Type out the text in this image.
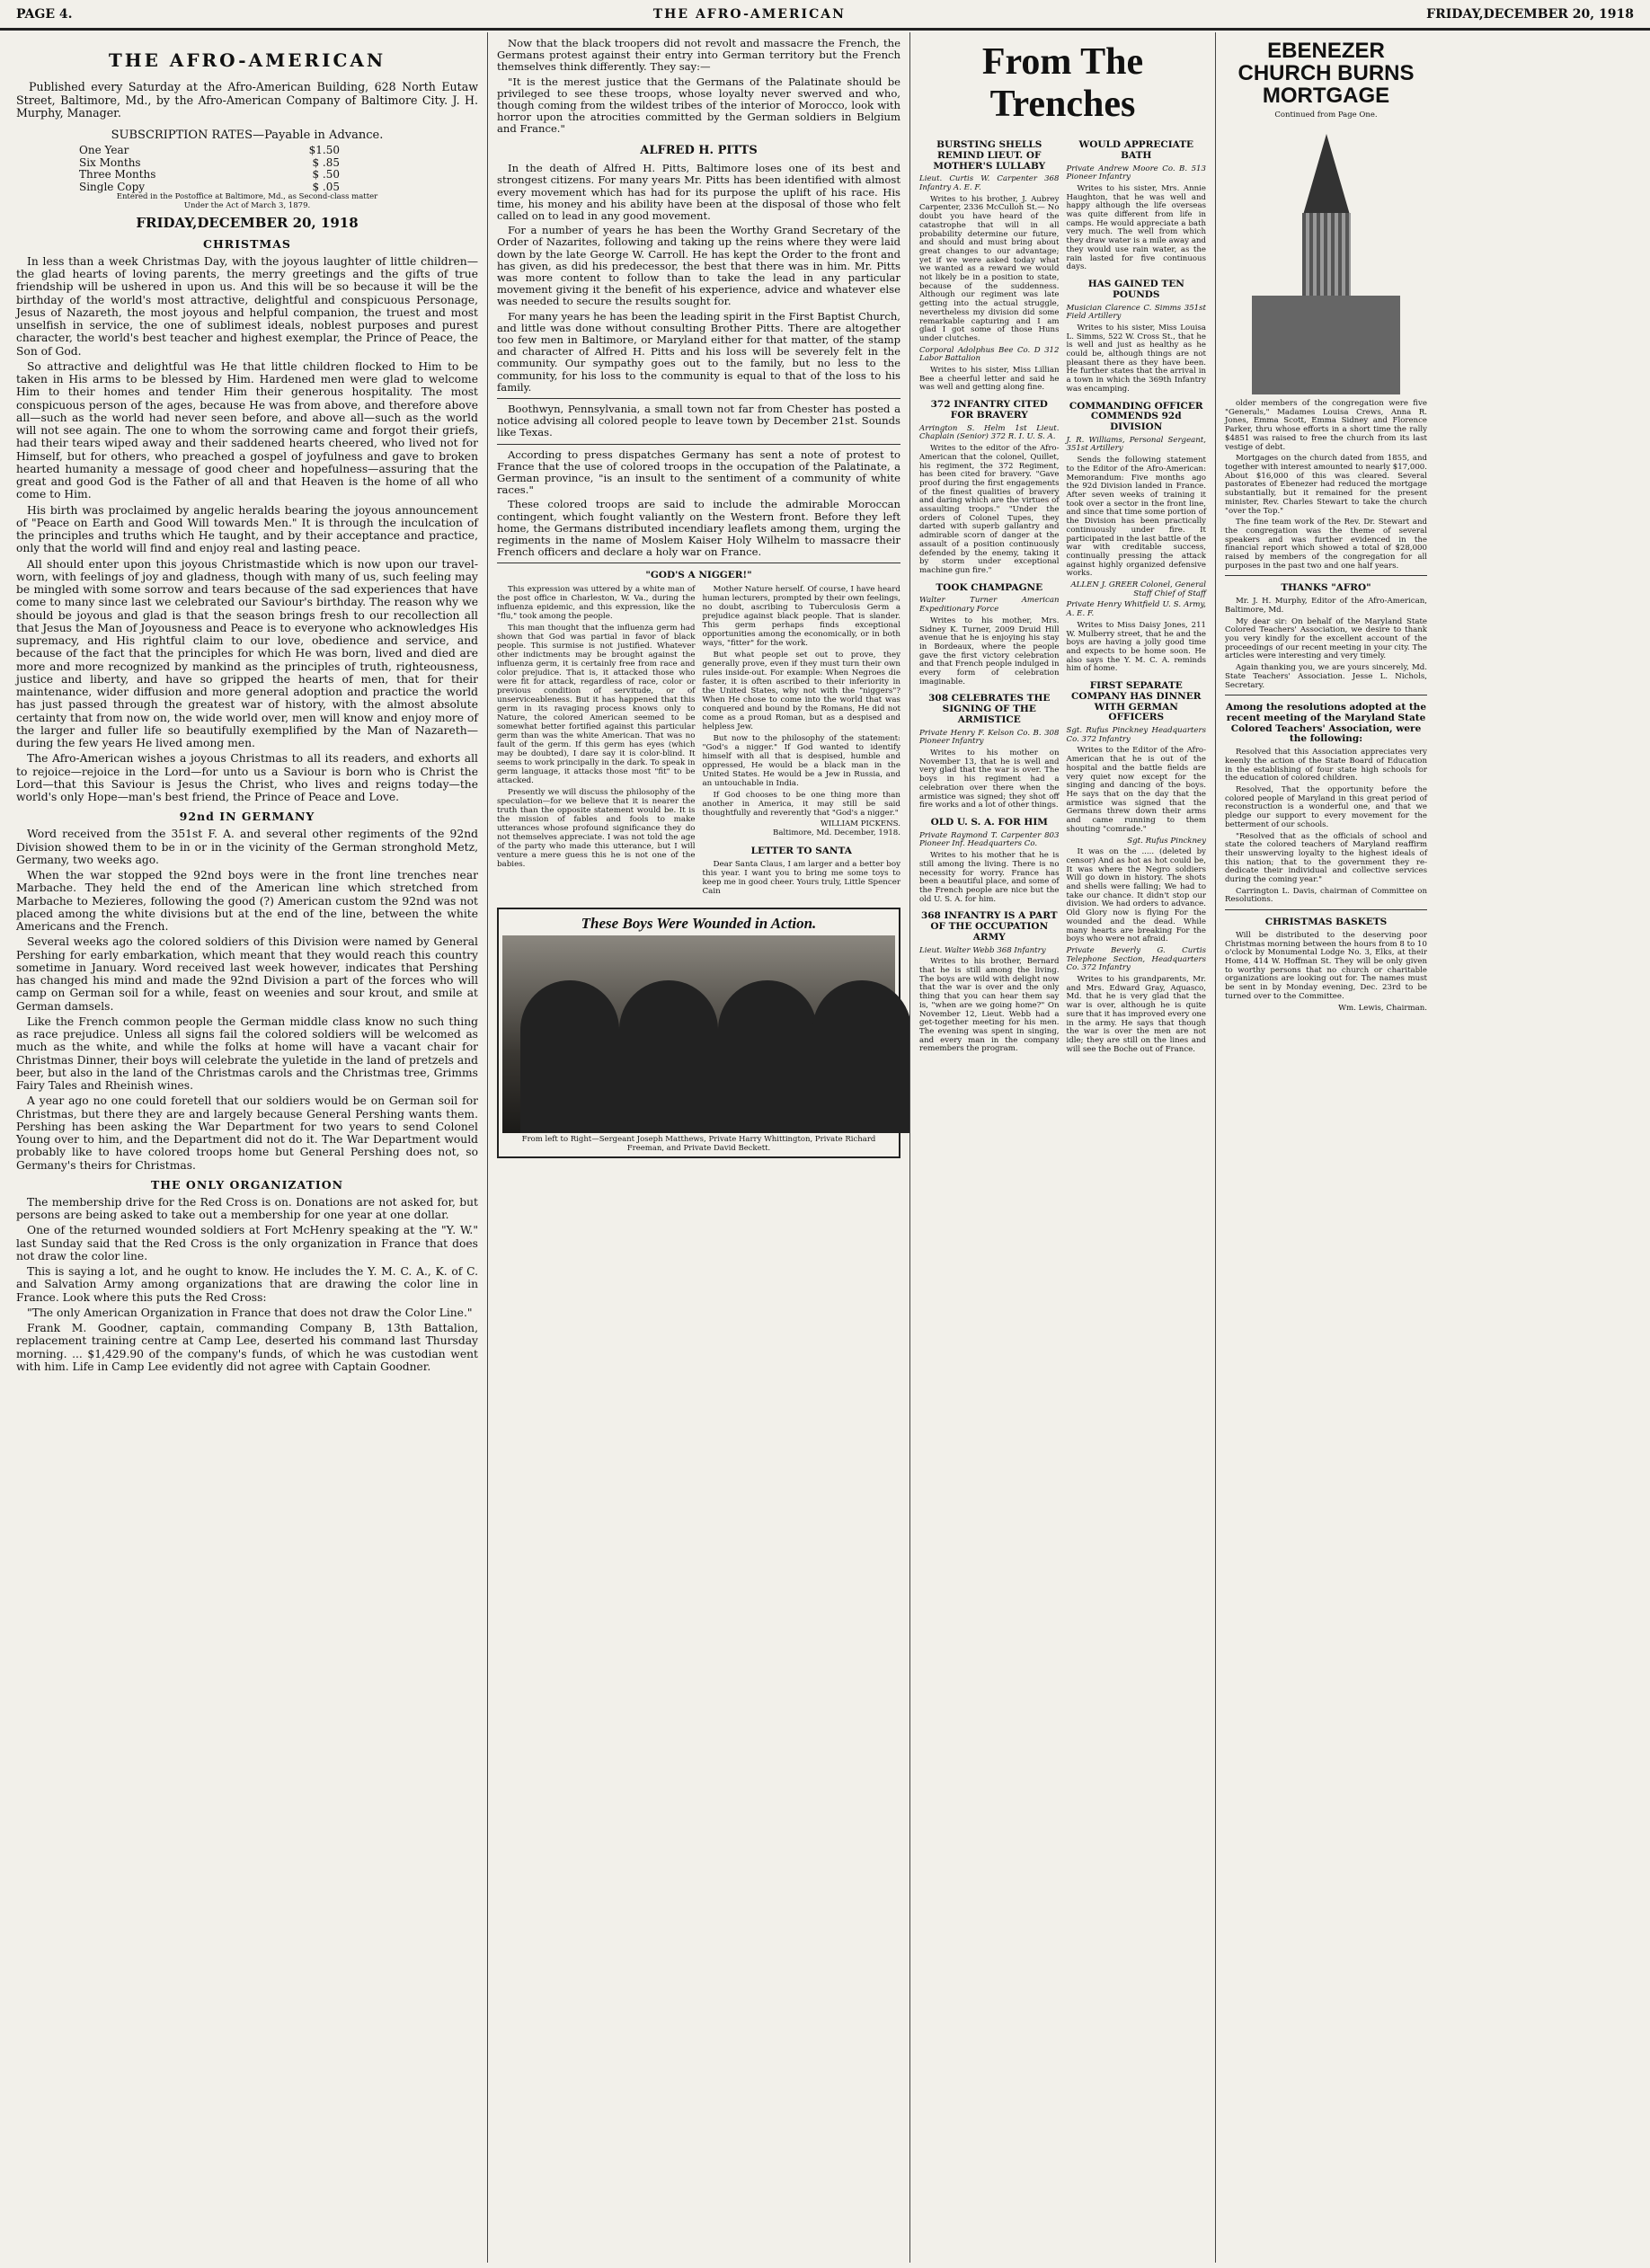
PAGE 4.	THE AFRO-AMERICAN	FRIDAY,DECEMBER 20, 1918
THE AFRO-AMERICAN
Published every Saturday at the Afro-American Building, 628 North Eutaw Street, Baltimore, Md., by the Afro-American Company of Baltimore City. J. H. Murphy, Manager.
SUBSCRIPTION RATES—Payable in Advance.
One Year	$1.50
Six Months	$ .85
Three Months	$ .50
Single Copy	$ .05
Entered in the Postoffice at Baltimore, Md., as Second-class matter
Under the Act of March 3, 1879.
FRIDAY,DECEMBER 20, 1918
CHRISTMAS

In less than a week Christmas Day, with the joyous laughter of little children—the glad hearts of loving parents, the merry greetings and the gifts of true friendship will be ushered in upon us. And this will be so because it will be the birthday of the world's most attractive, delightful and conspicuous Personage, Jesus of Nazareth, the most joyous and helpful companion, the truest and most unselfish in service, the one of sublimest ideals, noblest purposes and purest character, the world's best teacher and highest exemplar, the Prince of Peace, the Son of God.

So attractive and delightful was He that little children flocked to Him to be taken in His arms to be blessed by Him. Hardened men were glad to welcome Him to their homes and tender Him their generous hospitality. The most conspicuous person of the ages, because He was from above, and therefore above all—such as the world had never seen before, and above all—such as the world will not see again. The one to whom the sorrowing came and forgot their griefs, had their tears wiped away and their saddened hearts cheered, who lived not for Himself, but for others, who preached a gospel of joyfulness and gave to broken hearted humanity a message of good cheer and hopefulness—assuring that the great and good God is the Father of all and that Heaven is the home of all who come to Him.

His birth was proclaimed by angelic heralds bearing the joyous announcement of "Peace on Earth and Good Will towards Men." It is through the inculcation of the principles and truths which He taught, and by their acceptance and practice, only that the world will find and enjoy real and lasting peace.

All should enter upon this joyous Christmastide which is now upon our travel-worn, with feelings of joy and gladness, though with many of us, such feeling may be mingled with some sorrow and tears because of the sad experiences that have come to many since last we celebrated our Saviour's birthday. The reason why we should be joyous and glad is that the season brings fresh to our recollection all that Jesus the Man of Joyousness and Peace is to everyone who acknowledges His supremacy, and His rightful claim to our love, obedience and service, and because of the fact that the principles for which He was born, lived and died are more and more recognized by mankind as the principles of truth, righteousness, justice and liberty, and have so gripped the hearts of men, that for their maintenance, wider diffusion and more general adoption and practice the world has just passed through the greatest war of history, with the almost absolute certainty that from now on, the wide world over, men will know and enjoy more of the larger and fuller life so beautifully exemplified by the Man of Nazareth—during the few years He lived among men.

The Afro-American wishes a joyous Christmas to all its readers, and exhorts all to rejoice—rejoice in the Lord—for unto us a Saviour is born who is Christ the Lord—that this Saviour is Jesus the Christ, who lives and reigns today—the world's only Hope—man's best friend, the Prince of Peace and Love.

92nd IN GERMANY

Word received from the 351st F. A. and several other regiments of the 92nd Division showed them to be in or in the vicinity of the German stronghold Metz, Germany, two weeks ago.

When the war stopped the 92nd boys were in the front line trenches near Marbache. They held the end of the American line which stretched from Marbache to Mezieres, following the good (?) American custom the 92nd was not placed among the white divisions but at the end of the line, between the white Americans and the French.

Several weeks ago the colored soldiers of this Division were named by General Pershing for early embarkation, which meant that they would reach this country sometime in January. Word received last week however, indicates that Pershing has changed his mind and made the 92nd Division a part of the forces who will camp on German soil for a while, feast on weenies and sour krout, and smile at German damsels.

Like the French common people the German middle class know no such thing as race prejudice. Unless all signs fail the colored soldiers will be welcomed as much as the white, and while the folks at home will have a vacant chair for Christmas Dinner, their boys will celebrate the yuletide in the land of pretzels and beer, but also in the land of the Christmas carols and the Christmas tree, Grimms Fairy Tales and Rheinish wines.

A year ago no one could foretell that our soldiers would be on German soil for Christmas, but there they are and largely because General Pershing wants them. Pershing has been asking the War Department for two years to send Colonel Young over to him, and the Department did not do it. The War Department would probably like to have colored troops home but General Pershing does not, so Germany's theirs for Christmas.

THE ONLY ORGANIZATION

The membership drive for the Red Cross is on. Donations are not asked for, but persons are being asked to take out a membership for one year at one dollar.

One of the returned wounded soldiers at Fort McHenry speaking at the "Y. W." last Sunday said that the Red Cross is the only organization in France that does not draw the color line.

This is saying a lot, and he ought to know. He includes the Y. M. C. A., K. of C. and Salvation Army among organizations that are drawing the color line in France. Look where this puts the Red Cross:

"The only American Organization in France that does not draw the Color Line."

Frank M. Goodner, captain, commanding Company B, 13th Battalion, replacement training centre at Camp Lee, deserted his command last Thursday morning. ... $1,429.90 of the company's funds, of which he was custodian went with him. Life in Camp Lee evidently did not agree with Captain Goodner.

Now that the black troopers did not revolt and massacre the French, the Germans protest against their entry into German territory but the French themselves think differently. They say:—

"It is the merest justice that the Germans of the Palatinate should be privileged to see these troops, whose loyalty never swerved and who, though coming from the wildest tribes of the interior of Morocco, look with horror upon the atrocities committed by the German soldiers in Belgium and France."

ALFRED H. PITTS

In the death of Alfred H. Pitts, Baltimore loses one of its best and strongest citizens. For many years Mr. Pitts has been identified with almost every movement which has had for its purpose the uplift of his race. His time, his money and his ability have been at the disposal of those who felt called on to lead in any good movement.

For a number of years he has been the Worthy Grand Secretary of the Order of Nazarites, following and taking up the reins where they were laid down by the late George W. Carroll. He has kept the Order to the front and has given, as did his predecessor, the best that there was in him. Mr. Pitts was more content to follow than to take the lead in any particular movement giving it the benefit of his experience, advice and whatever else was needed to secure the results sought for.

For many years he has been the leading spirit in the First Baptist Church, and little was done without consulting Brother Pitts. There are altogether too few men in Baltimore, or Maryland either for that matter, of the stamp and character of Alfred H. Pitts and his loss will be severely felt in the community. Our sympathy goes out to the family, but no less to the community, for his loss to the community is equal to that of the loss to his family.

Boothwyn, Pennsylvania, a small town not far from Chester has posted a notice advising all colored people to leave town by December 21st. Sounds like Texas.

According to press dispatches Germany has sent a note of protest to France that the use of colored troops in the occupation of the Palatinate, a German province, "is an insult to the sentiment of a community of white races."

These colored troops are said to include the admirable Moroccan contingent, which fought valiantly on the Western front. Before they left home, the Germans distributed incendiary leaflets among them, urging the regiments in the name of Moslem Kaiser Holy Wilhelm to massacre their French officers and declare a holy war on France.

"GOD'S A NIGGER!"

This expression was uttered by a white man of the post office in Charleston, W. Va., during the influenza epidemic, and this expression, like the "flu," took among the people.

This man thought that the influenza germ had shown that God was partial in favor of black people. This surmise is not justified. Whatever other indictments may be brought against the influenza germ, it is certainly free from race and color prejudice. That is, it attacked those who were fit for attack, regardless of race, color or previous condition of servitude, or of unserviceableness. But it has happened that this germ in its ravaging process knows only to Nature, the colored American seemed to be somewhat better fortified against this particular germ than was the white American. That was no fault of the germ. If this germ has eyes (which may be doubted), I dare say it is color-blind. It seems to work principally in the dark. To speak in germ language, it attacks those most "fit" to be attacked.

Presently we will discuss the philosophy of the speculation—for we believe that it is nearer the truth than the opposite statement would be. It is the mission of fables and fools to make utterances whose profound significance they do not themselves appreciate. I was not told the age of the party who made this utterance, but I will venture a mere guess this he is not one of the babies.

Mother Nature herself. Of course, I have heard human lecturers, prompted by their own feelings, no doubt, ascribing to Tuberculosis Germ a prejudice against black people. That is slander. This germ perhaps finds exceptional opportunities among the economically, or in both ways, "fitter" for the work.

But what people set out to prove, they generally prove, even if they must turn their own rules inside-out. For example: When Negroes die faster, it is often ascribed to their inferiority in the United States, why not with the "niggers"? When He chose to come into the world that was conquered and bound by the Romans, He did not come as a proud Roman, but as a despised and helpless Jew.

But now to the philosophy of the statement: "God's a nigger." If God wanted to identify himself with all that is despised, humble and oppressed, He would be a black man in the United States. He would be a Jew in Russia, and an untouchable in India.

If God chooses to be one thing more than another in America, it may still be said thoughtfully and reverently that "God's a nigger."

WILLIAM PICKENS.
Baltimore, Md. December, 1918.
LETTER TO SANTA

Dear Santa Claus, I am larger and a better boy this year. I want you to bring me some toys to keep me in good cheer. Yours truly, Little Spencer Cain

These Boys Were Wounded in Action.
From left to Right—Sergeant Joseph Matthews, Private Harry Whittington, Private Richard Freeman, and Private David Beckett.
From The Trenches
BURSTING SHELLS REMIND LIEUT. OF MOTHER'S LULLABY

Lieut. Curtis W. Carpenter 368 Infantry A. E. F.

Writes to his brother, J. Aubrey Carpenter, 2336 McCulloh St.— No doubt you have heard of the catastrophe that will in all probability determine our future, and should and must bring about great changes to our advantage; yet if we were asked today what we wanted as a reward we would not likely be in a position to state, because of the suddenness. Although our regiment was late getting into the actual struggle, nevertheless my division did some remarkable capturing and I am glad I got some of those Huns under clutches.

Corporal Adolphus Bee Co. D 312 Labor Battalion

Writes to his sister, Miss Lillian Bee a cheerful letter and said he was well and getting along fine.

372 INFANTRY CITED FOR BRAVERY

Arrington S. Helm 1st Lieut. Chaplain (Senior) 372 R. I. U. S. A.

Writes to the editor of the Afro-American that the colonel, Quillet, his regiment, the 372 Regiment, has been cited for bravery. "Gave proof during the first engagements of the finest qualities of bravery and daring which are the virtues of assaulting troops." "Under the orders of Colonel Tupes, they darted with superb gallantry and admirable scorn of danger at the assault of a position continuously defended by the enemy, taking it by storm under exceptional machine gun fire."

TOOK CHAMPAGNE

Walter Turner American Expeditionary Force

Writes to his mother, Mrs. Sidney K. Turner, 2009 Druid Hill avenue that he is enjoying his stay in Bordeaux, where the people gave the first victory celebration and that French people indulged in every form of celebration imaginable.

308 CELEBRATES THE SIGNING OF THE ARMISTICE

Private Henry F. Kelson Co. B. 308 Pioneer Infantry

Writes to his mother on November 13, that he is well and very glad that the war is over. The boys in his regiment had a celebration over there when the armistice was signed; they shot off fire works and a lot of other things.

OLD U. S. A. FOR HIM

Private Raymond T. Carpenter 803 Pioneer Inf. Headquarters Co.

Writes to his mother that he is still among the living. There is no necessity for worry. France has been a beautiful place, and some of the French people are nice but the old U. S. A. for him.

368 INFANTRY IS A PART OF THE OCCUPATION ARMY

Lieut. Walter Webb 368 Infantry

Writes to his brother, Bernard that he is still among the living. The boys are wild with delight now that the war is over and the only thing that you can hear them say is, "when are we going home?" On November 12, Lieut. Webb had a get-together meeting for his men. The evening was spent in singing, and every man in the company remembers the program.

WOULD APPRECIATE BATH

Private Andrew Moore Co. B. 513 Pioneer Infantry

Writes to his sister, Mrs. Annie Haughton, that he was well and happy although the life overseas was quite different from life in camps. He would appreciate a bath very much. The well from which they draw water is a mile away and they would use rain water, as the rain lasted for five continuous days.

HAS GAINED TEN POUNDS

Musician Clarence C. Simms 351st Field Artillery

Writes to his sister, Miss Louisa L. Simms, 522 W. Cross St., that he is well and just as healthy as he could be, although things are not pleasant there as they have been. He further states that the arrival in a town in which the 369th Infantry was encamping.

COMMANDING OFFICER COMMENDS 92d DIVISION

J. R. Williams, Personal Sergeant, 351st Artillery

Sends the following statement to the Editor of the Afro-American: Memorandum: Five months ago the 92d Division landed in France. After seven weeks of training it took over a sector in the front line, and since that time some portion of the Division has been practically continuously under fire. It participated in the last battle of the war with creditable success, continually pressing the attack against highly organized defensive works.

ALLEN J. GREER Colonel, General Staff Chief of Staff

Private Henry Whitfield U. S. Army, A. E. F.

Writes to Miss Daisy Jones, 211 W. Mulberry street, that he and the boys are having a jolly good time and expects to be home soon. He also says the Y. M. C. A. reminds him of home.

FIRST SEPARATE COMPANY HAS DINNER WITH GERMAN OFFICERS

Sgt. Rufus Pinckney Headquarters Co. 372 Infantry

Writes to the Editor of the Afro-American that he is out of the hospital and the battle fields are very quiet now except for the singing and dancing of the boys. He says that on the day that the armistice was signed that the Germans threw down their arms and came running to them shouting "comrade."

Sgt. Rufus Pinckney

It was on the ..... (deleted by censor) And as hot as hot could be, It was where the Negro soldiers Will go down in history. The shots and shells were falling; We had to take our chance. It didn't stop our division. We had orders to advance. Old Glory now is flying For the wounded and the dead. While many hearts are breaking For the boys who were not afraid.

Private Beverly G. Curtis Telephone Section, Headquarters Co. 372 Infantry

Writes to his grandparents, Mr. and Mrs. Edward Gray, Aquasco, Md. that he is very glad that the war is over, although he is quite sure that it has improved every one in the army. He says that though the war is over the men are not idle; they are still on the lines and will see the Boche out of France.

EBENEZER CHURCH BURNS MORTGAGE
Continued from Page One.

older members of the congregation were five "Generals," Madames Louisa Crews, Anna R. Jones, Emma Scott, Emma Sidney and Florence Parker, thru whose efforts in a short time the rally $4851 was raised to free the church from its last vestige of debt.

Mortgages on the church dated from 1855, and together with interest amounted to nearly $17,000. About $16,000 of this was cleared. Several pastorates of Ebenezer had reduced the mortgage substantially, but it remained for the present minister, Rev. Charles Stewart to take the church "over the Top."

The fine team work of the Rev. Dr. Stewart and the congregation was the theme of several speakers and was further evidenced in the financial report which showed a total of $28,000 raised by members of the congregation for all purposes in the past two and one half years.

THANKS "AFRO"

Mr. J. H. Murphy, Editor of the Afro-American, Baltimore, Md.

My dear sir: On behalf of the Maryland State Colored Teachers' Association, we desire to thank you very kindly for the excellent account of the proceedings of our recent meeting in your city. The articles were interesting and very timely.

Again thanking you, we are yours sincerely, Md. State Teachers' Association. Jesse L. Nichols, Secretary.

Among the resolutions adopted at the recent meeting of the Maryland State Colored Teachers' Association, were the following:

Resolved that this Association appreciates very keenly the action of the State Board of Education in the establishing of four state high schools for the education of colored children.

Resolved, That the opportunity before the colored people of Maryland in this great period of reconstruction is a wonderful one, and that we pledge our support to every movement for the betterment of our schools.

"Resolved that as the officials of school and state the colored teachers of Maryland reaffirm their unswerving loyalty to the highest ideals of this nation; that to the government they re-dedicate their individual and collective services during the coming year."

Carrington L. Davis, chairman of Committee on Resolutions.

CHRISTMAS BASKETS

Will be distributed to the deserving poor Christmas morning between the hours from 8 to 10 o'clock by Monumental Lodge No. 3, Elks, at their Home, 414 W. Hoffman St. They will be only given to worthy persons that no church or charitable organizations are looking out for. The names must be sent in by Monday evening, Dec. 23rd to be turned over to the Committee.

Wm. Lewis, Chairman.
